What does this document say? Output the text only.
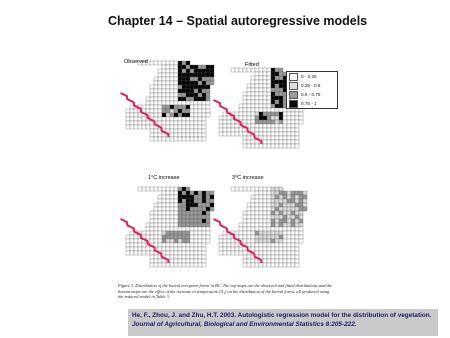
Chapter 14 – Spatial autoregressive models
Observed	Fitted
1°C increase	3°C increase
0 - 0.25
0.25 - 0.5
0.5 - 0.75
0.75 - 1
Figure 3. Distribution of the boreal evergreen forest in BC. The top maps are the observed and fitted distributions and the bottom maps are the effect of the increase in temperature (X₃) on the distribution of the boreal forest, all produced using the reduced model in Table 3.
He, F., Zhou, J. and Zhu, H.T. 2003. Autologistic regression model for the distribution of vegetation.
Journal of Agricultural, Biological and Environmental Statistics 8:205-222.
